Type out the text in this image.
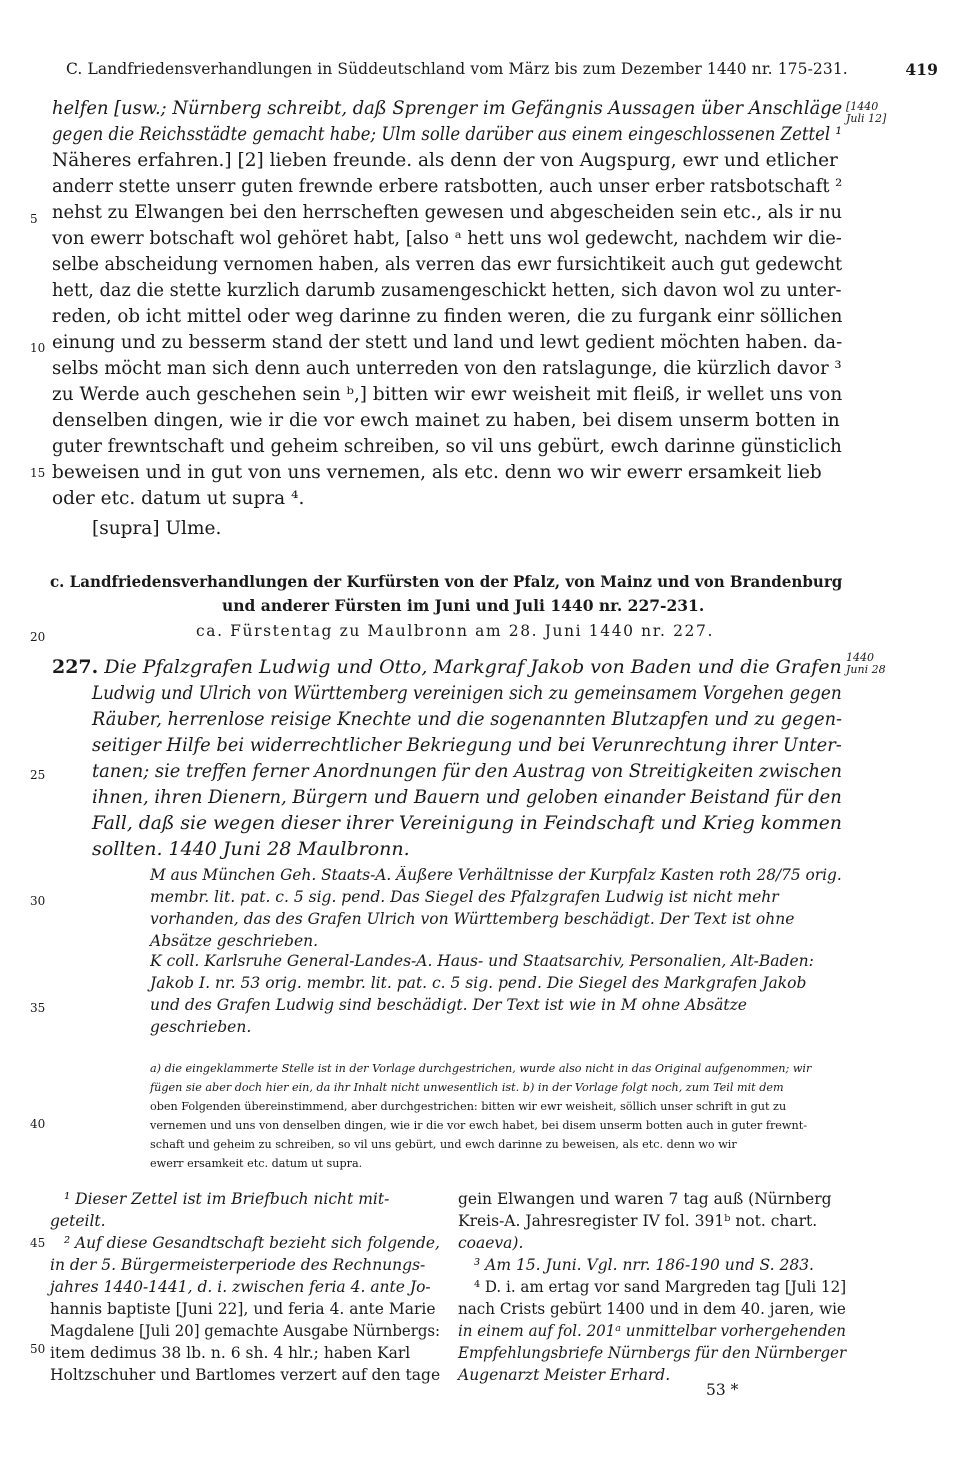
C. Landfriedensverhandlungen in Süddeutschland vom März bis zum Dezember 1440 nr. 175-231.	419
[1440
Juli 12]
1440
Juni 28
5
10
15
20
25
30
35
40
45
50
helfen [usw.; Nürnberg schreibt, daß Sprenger im Gefängnis Aussagen über Anschläge
gegen die Reichsstädte gemacht habe; Ulm solle darüber aus einem eingeschlossenen Zettel ¹
Näheres erfahren.] [2] lieben freunde. als denn der von Augspurg, ewr und etlicher
anderr stette unserr guten frewnde erbere ratsbotten, auch unser erber ratsbotschaft ²
nehst zu Elwangen bei den herrscheften gewesen und abgescheiden sein etc., als ir nu
von ewerr botschaft wol gehöret habt, [also ᵃ hett uns wol gedewcht, nachdem wir die-
selbe abscheidung vernomen haben, als verren das ewr fursichtikeit auch gut gedewcht
hett, daz die stette kurzlich darumb zusamengeschickt hetten, sich davon wol zu unter-
reden, ob icht mittel oder weg darinne zu finden weren, die zu furgank einr söllichen
einung und zu besserm stand der stett und land und lewt gedient möchten haben. da-
selbs möcht man sich denn auch unterreden von den ratslagunge, die kürzlich davor ³
zu Werde auch geschehen sein ᵇ,] bitten wir ewr weisheit mit fleiß, ir wellet uns von
denselben dingen, wie ir die vor ewch mainet zu haben, bei disem unserm botten in
guter frewntschaft und geheim schreiben, so vil uns gebürt, ewch darinne günsticlich
beweisen und in gut von uns vernemen, als etc. denn wo wir ewerr ersamkeit lieb
oder etc. datum ut supra ⁴.
[supra] Ulme.
c. Landfriedensverhandlungen der Kurfürsten von der Pfalz, von Mainz und von Brandenburg
und anderer Fürsten im Juni und Juli 1440 nr. 227-231.
ca. Fürstentag zu Maulbronn am 28. Juni 1440 nr. 227.
227. Die Pfalzgrafen Ludwig und Otto, Markgraf Jakob von Baden und die Grafen
Ludwig und Ulrich von Württemberg vereinigen sich zu gemeinsamem Vorgehen gegen
Räuber, herrenlose reisige Knechte und die sogenannten Blutzapfen und zu gegen-
seitiger Hilfe bei widerrechtlicher Bekriegung und bei Verunrechtung ihrer Unter-
tanen; sie treffen ferner Anordnungen für den Austrag von Streitigkeiten zwischen
ihnen, ihren Dienern, Bürgern und Bauern und geloben einander Beistand für den
Fall, daß sie wegen dieser ihrer Vereinigung in Feindschaft und Krieg kommen
sollten. 1440 Juni 28 Maulbronn.
M aus München Geh. Staats-A. Äußere Verhältnisse der Kurpfalz Kasten roth 28/75 orig.
membr. lit. pat. c. 5 sig. pend. Das Siegel des Pfalzgrafen Ludwig ist nicht mehr
vorhanden, das des Grafen Ulrich von Württemberg beschädigt. Der Text ist ohne
Absätze geschrieben.
K coll. Karlsruhe General-Landes-A. Haus- und Staatsarchiv, Personalien, Alt-Baden:
Jakob I. nr. 53 orig. membr. lit. pat. c. 5 sig. pend. Die Siegel des Markgrafen Jakob
und des Grafen Ludwig sind beschädigt. Der Text ist wie in M ohne Absätze
geschrieben.
a) die eingeklammerte Stelle ist in der Vorlage durchgestrichen, wurde also nicht in das Original aufgenommen; wir
fügen sie aber doch hier ein, da ihr Inhalt nicht unwesentlich ist. b) in der Vorlage folgt noch, zum Teil mit dem
oben Folgenden übereinstimmend, aber durchgestrichen: bitten wir ewr weisheit, söllich unser schrift in gut zu
vernemen und uns von denselben dingen, wie ir die vor ewch habet, bei disem unserm botten auch in guter frewnt-
schaft und geheim zu schreiben, so vil uns gebürt, und ewch darinne zu beweisen, als etc. denn wo wir
ewerr ersamkeit etc. datum ut supra.
¹ Dieser Zettel ist im Briefbuch nicht mit-
geteilt.
² Auf diese Gesandtschaft bezieht sich folgende,
in der 5. Bürgermeisterperiode des Rechnungs-
jahres 1440-1441, d. i. zwischen feria 4. ante Jo-
hannis baptiste [Juni 22], und feria 4. ante Marie
Magdalene [Juli 20] gemachte Ausgabe Nürnbergs:
item dedimus 38 lb. n. 6 sh. 4 hlr.; haben Karl
Holtzschuher und Bartlomes verzert auf den tage
gein Elwangen und waren 7 tag auß (Nürnberg
Kreis-A. Jahresregister IV fol. 391ᵇ not. chart.
coaeva).
³ Am 15. Juni. Vgl. nrr. 186-190 und S. 283.
⁴ D. i. am ertag vor sand Margreden tag [Juli 12]
nach Crists gebürt 1400 und in dem 40. jaren, wie
in einem auf fol. 201ᵃ unmittelbar vorhergehenden
Empfehlungsbriefe Nürnbergs für den Nürnberger
Augenarzt Meister Erhard.
53 *
